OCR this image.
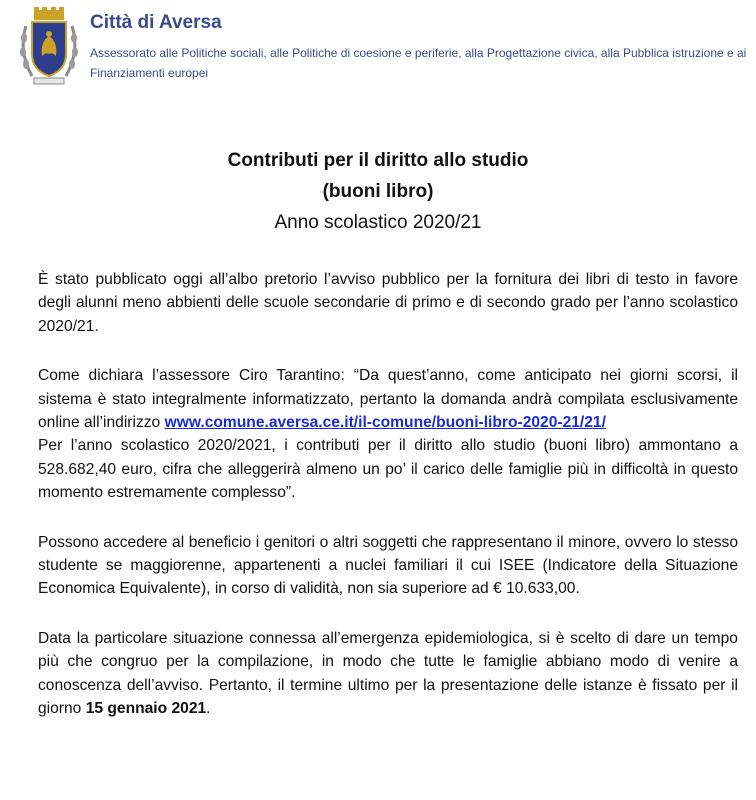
Città di Aversa
Assessorato alle Politiche sociali, alle Politiche di coesione e periferie, alla Progettazione civica, alla Pubblica istruzione e ai Finanziamenti europei
Contributi per il diritto allo studio
(buoni libro)
Anno scolastico 2020/21

È stato pubblicato oggi all’albo pretorio l’avviso pubblico per la fornitura dei libri di testo in favore degli alunni meno abbienti delle scuole secondarie di primo e di secondo grado per l’anno scolastico 2020/21.

Come dichiara l’assessore Ciro Tarantino: “Da quest’anno, come anticipato nei giorni scorsi, il sistema è stato integralmente informatizzato, pertanto la domanda andrà compilata esclusivamente online all’indirizzo www.comune.aversa.ce.it/il-comune/buoni-libro-2020-21/21/

Per l’anno scolastico 2020/2021, i contributi per il diritto allo studio (buoni libro) ammontano a 528.682,40 euro, cifra che alleggerirà almeno un po’ il carico delle famiglie più in difficoltà in questo momento estremamente complesso”.

Possono accedere al beneficio i genitori o altri soggetti che rappresentano il minore, ovvero lo stesso studente se maggiorenne, appartenenti a nuclei familiari il cui ISEE (Indicatore della Situazione Economica Equivalente), in corso di validità, non sia superiore ad € 10.633,00.

Data la particolare situazione connessa all’emergenza epidemiologica, si è scelto di dare un tempo più che congruo per la compilazione, in modo che tutte le famiglie abbiano modo di venire a conoscenza dell’avviso. Pertanto, il termine ultimo per la presentazione delle istanze è fissato per il giorno 15 gennaio 2021.
